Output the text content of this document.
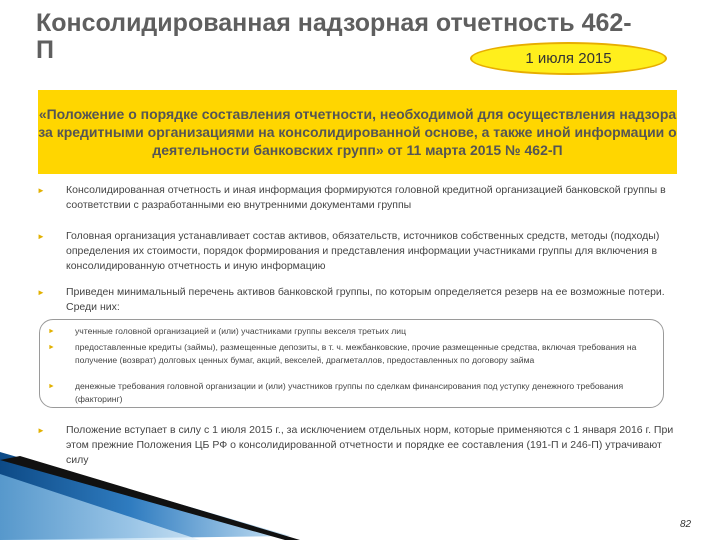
Консолидированная надзорная отчетность 462-П	1 июля 2015

«Положение о порядке составления отчетности, необходимой для осуществления надзора за кредитными организациями на консолидированной основе, а также иной информации о деятельности банковских групп» от 11 марта 2015 № 462-П

►	Консолидированная отчетность и иная информация формируются головной кредитной организацией банковской группы в соответствии с разработанными ею внутренними документами группы
►	Головная организация устанавливает состав активов, обязательств, источников собственных средств, методы (подходы) определения их стоимости, порядок формирования и представления информации участниками группы для включения в консолидированную отчетность и иную информацию
►	Приведен минимальный перечень активов банковской группы, по которым определяется резерв на ее возможные потери. Среди них:
►	учтенные головной организацией и (или) участниками группы векселя третьих лиц
►	предоставленные кредиты (займы), размещенные депозиты, в т. ч. межбанковские, прочие размещенные средства, включая требования на получение (возврат) долговых ценных бумаг, акций, векселей, драгметаллов, предоставленных по договору займа
►	денежные требования головной организации и (или) участников группы по сделкам финансирования под уступку денежного требования (факторинг)
►	Положение вступает в силу с 1 июля 2015 г., за исключением отдельных норм, которые применяются с 1 января 2016 г. При этом прежние Положения ЦБ РФ о консолидированной отчетности и порядке ее составления (191-П и 246-П) утрачивают силу
82
